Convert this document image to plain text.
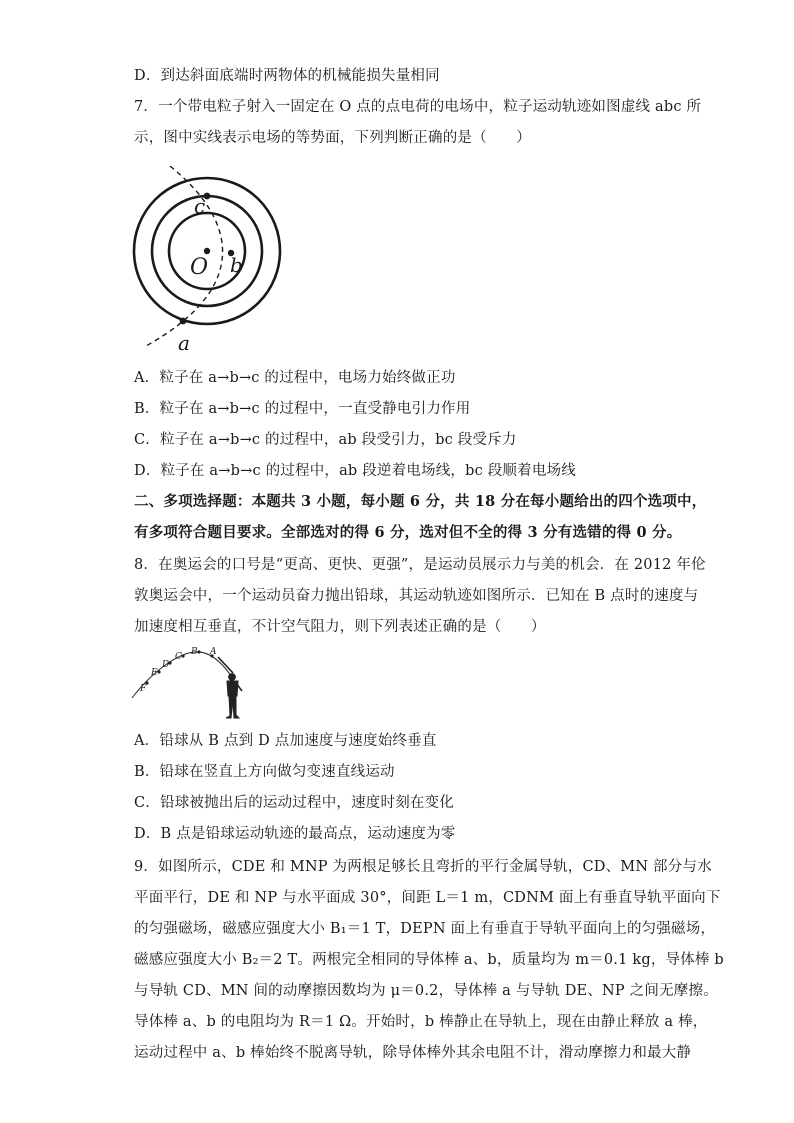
D．到达斜面底端时两物体的机械能损失量相同
7．一个带电粒子射入一固定在 O 点的点电荷的电场中，粒子运动轨迹如图虚线 abc 所
示，图中实线表示电场的等势面，下列判断正确的是（　　）
O b
c
a
A．粒子在 a→b→c 的过程中，电场力始终做正功
B．粒子在 a→b→c 的过程中，一直受静电引力作用
C．粒子在 a→b→c 的过程中，ab 段受引力，bc 段受斥力
D．粒子在 a→b→c 的过程中，ab 段逆着电场线，bc 段顺着电场线
二、多项选择题：本题共 3 小题，每小题 6 分，共 18 分在每小题给出的四个选项中，
有多项符合题目要求。全部选对的得 6 分，选对但不全的得 3 分有选错的得 0 分。
8．在奥运会的口号是“更高、更快、更强”，是运动员展示力与美的机会．在 2012 年伦
敦奥运会中，一个运动员奋力抛出铅球，其运动轨迹如图所示．已知在 B 点时的速度与
加速度相互垂直，不计空气阻力，则下列表述正确的是（　　）
F
E
D
C B A
A．铅球从 B 点到 D 点加速度与速度始终垂直
B．铅球在竖直上方向做匀变速直线运动
C．铅球被抛出后的运动过程中，速度时刻在变化
D．B 点是铅球运动轨迹的最高点，运动速度为零
9．如图所示，CDE 和 MNP 为两根足够长且弯折的平行金属导轨，CD、MN 部分与水
平面平行，DE 和 NP 与水平面成 30°，间距 L＝1 m，CDNM 面上有垂直导轨平面向下
的匀强磁场，磁感应强度大小 B₁＝1 T，DEPN 面上有垂直于导轨平面向上的匀强磁场，
磁感应强度大小 B₂＝2 T。两根完全相同的导体棒 a、b，质量均为 m＝0.1 kg，导体棒 b
与导轨 CD、MN 间的动摩擦因数均为 μ＝0.2，导体棒 a 与导轨 DE、NP 之间无摩擦。
导体棒 a、b 的电阻均为 R＝1 Ω。开始时，b 棒静止在导轨上，现在由静止释放 a 棒，
运动过程中 a、b 棒始终不脱离导轨，除导体棒外其余电阻不计，滑动摩擦力和最大静
